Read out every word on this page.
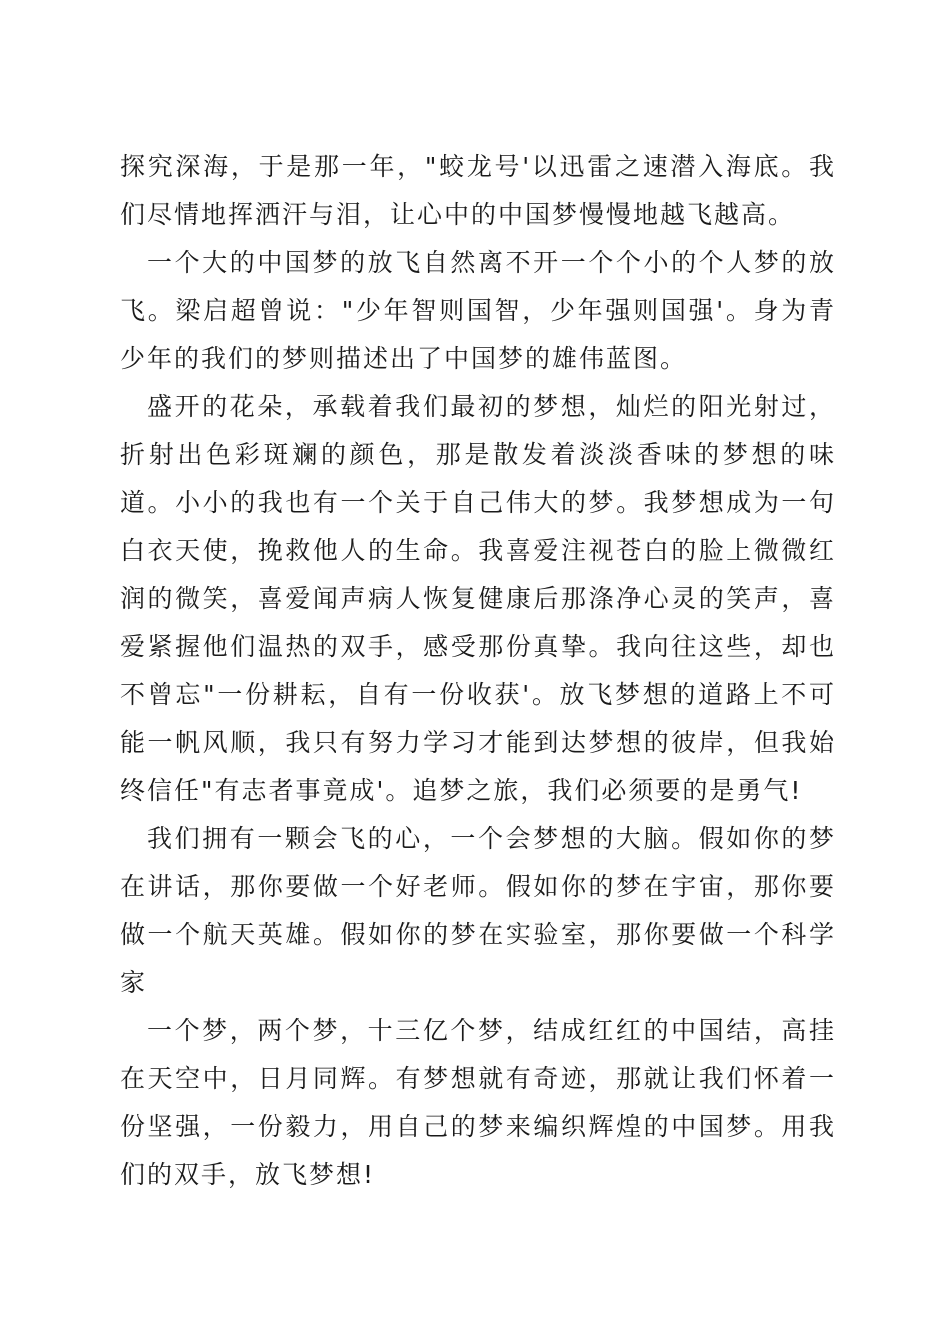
探究深海，于是那一年，"蛟龙号'以迅雷之速潜入海底。我们尽情地挥洒汗与泪，让心中的中国梦慢慢地越飞越高。

一个大的中国梦的放飞自然离不开一个个小的个人梦的放飞。梁启超曾说："少年智则国智，少年强则国强'。身为青少年的我们的梦则描述出了中国梦的雄伟蓝图。

盛开的花朵，承载着我们最初的梦想，灿烂的阳光射过，折射出色彩斑斓的颜色，那是散发着淡淡香味的梦想的味道。小小的我也有一个关于自己伟大的梦。我梦想成为一句白衣天使，挽救他人的生命。我喜爱注视苍白的脸上微微红润的微笑，喜爱闻声病人恢复健康后那涤净心灵的笑声，喜爱紧握他们温热的双手，感受那份真挚。我向往这些，却也不曾忘"一份耕耘，自有一份收获'。放飞梦想的道路上不可能一帆风顺，我只有努力学习才能到达梦想的彼岸，但我始终信任"有志者事竟成'。追梦之旅，我们必须要的是勇气!

我们拥有一颗会飞的心，一个会梦想的大脑。假如你的梦在讲话，那你要做一个好老师。假如你的梦在宇宙，那你要做一个航天英雄。假如你的梦在实验室，那你要做一个科学家

一个梦，两个梦，十三亿个梦，结成红红的中国结，高挂在天空中，日月同辉。有梦想就有奇迹，那就让我们怀着一份坚强，一份毅力，用自己的梦来编织辉煌的中国梦。用我们的双手，放飞梦想!
